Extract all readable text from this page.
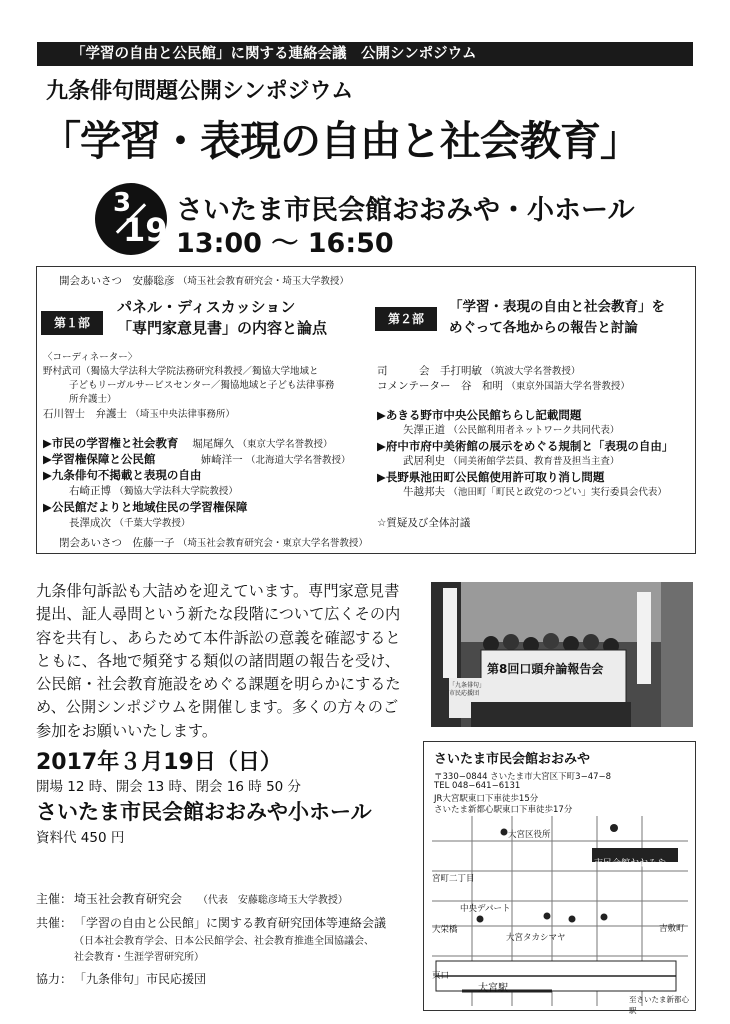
「学習の自由と公民館」に関する連絡会議　公開シンポジウム
九条俳句問題公開シンポジウム
「学習・表現の自由と社会教育」
3
19
さいたま市民会館おおみや・小ホール
13:00 〜 16:50
開会あいさつ　安藤聡彦 （埼玉社会教育研究会・埼玉大学教授）
第１部
パネル・ディスカッション
「専門家意見書」の内容と論点
〈コーディネーター〉
野村武司（獨協大学法科大学院法務研究科教授／獨協大学地域と
子どもリーガルサービスセンター／獨協地域と子ども法律事務
所弁護士）
石川智士　弁護士 （埼玉中央法律事務所）
▶市民の学習権と社会教育　 堀尾輝久 （東京大学名誉教授）
▶学習権保障と公民館　　　　	姉崎洋一 （北海道大学名誉教授）
▶九条俳句不掲載と表現の自由
右崎正博 （獨協大学法科大学院教授）
▶公民館だよりと地域住民の学習権保障
長澤成次 （千葉大学教授）
第２部
「学習・表現の自由と社会教育」を
めぐって各地からの報告と討論
司　　　会　手打明敏 （筑波大学名誉教授）
コメンテーター　谷　和明 （東京外国語大学名誉教授）
▶あきる野市中央公民館ちらし記載問題
矢澤正道 （公民館利用者ネットワーク共同代表）
▶府中市府中美術館の展示をめぐる規制と「表現の自由」
武居利史 （同美術館学芸員、教育普及担当主査）
▶長野県池田町公民館使用許可取り消し問題
牛越邦夫 （池田町「町民と政党のつどい」実行委員会代表）
☆質疑及び全体討議
閉会あいさつ　佐藤一子 （埼玉社会教育研究会・東京大学名誉教授）
九条俳句訴訟も大詰めを迎えています。専門家意見書
提出、証人尋問という新たな段階について広くその内
容を共有し、あらためて本件訴訟の意義を確認すると
ともに、各地で頻発する類似の諸問題の報告を受け、
公民館・社会教育施設をめぐる課題を明らかにするた
め、公開シンポジウムを開催します。多くの方々のご
参加をお願いいたします。
第8回口頭弁論報告会
「九条俳句」市民応援団
2017年３月19日（日）
開場 12 時、開会 13 時、閉会 16 時 50 分
さいたま市民会館おおみや小ホール
資料代 450 円
さいたま市民会館おおみや
〒330−0844 さいたま市大宮区下町3−47−8
TEL 048−641−6131
JR大宮駅東口下車徒歩15分
さいたま新都心駅東口下車徒歩17分
大宮区役所
宮町二丁目
中央デパート
大栄橋
大宮タカシマヤ
市民会館おおみや
吉敷町
東口
大宮駅
至さいたま新都心駅
主催： 埼玉社会教育研究会　 （代表　安藤聡彦埼玉大学教授）
共催： 「学習の自由と公民館」に関する教育研究団体等連絡会議
（日本社会教育学会、日本公民館学会、社会教育推進全国協議会、
社会教育・生涯学習研究所）
協力： 「九条俳句」市民応援団
